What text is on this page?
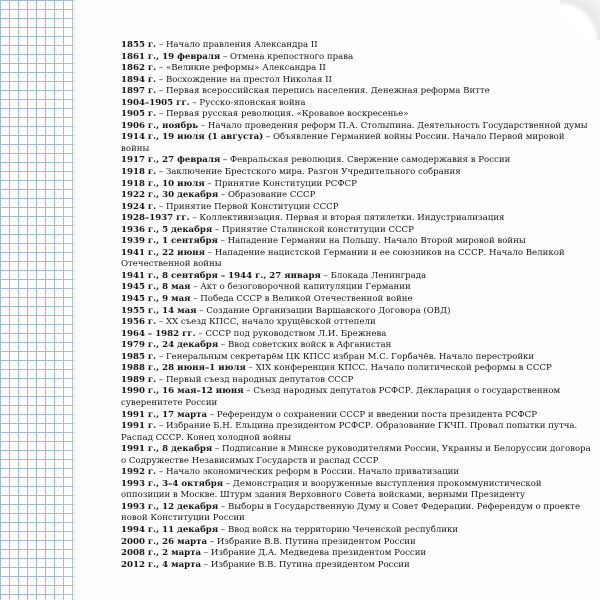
1855 г. – Начало правления Александра II
1861 г., 19 февраля – Отмена крепостного права
1862 г. – «Великие реформы» Александра II
1894 г. – Восхождение на престол Николая II
1897 г. – Первая всероссийская перепись населения. Денежная реформа Витте
1904–1905 гг. – Русско-японская война
1905 г. – Первая русская революция. «Кровавое воскресенье»
1906 г., ноябрь – Начало проведения реформ П.А. Столыпина. Деятельность Государственной думы
1914 г., 19 июля (1 августа) – Объявление Германией войны России. Начало Первой мировой войны
1917 г., 27 февраля – Февральская революция. Свержение самодержавия в России
1918 г. – Заключение Брестского мира. Разгон Учредительного собрания
1918 г., 10 июля – Принятие Конституции РСФСР
1922 г., 30 декабря – Образование СССР
1924 г. – Принятие Первой Конституции СССР
1928–1937 гг. – Коллективизация. Первая и вторая пятилетки. Индустриализация
1936 г., 5 декабря – Принятие Сталинской конституции СССР
1939 г., 1 сентября – Нападение Германии на Польшу. Начало Второй мировой войны
1941 г., 22 июня – Нападение нацистской Германии и ее союзников на СССР. Начало Великой Отечественной войны
1941 г., 8 сентября – 1944 г., 27 января – Блокада Ленинграда
1945 г., 8 мая – Акт о безоговорочной капитуляции Германии
1945 г., 9 мая – Победа СССР в Великой Отечественной войне
1955 г., 14 мая – Создание Организации Варшавского Договора (ОВД)
1956 г. – XX съезд КПСС, начало хрущёвской оттепели
1964 – 1982 гг. – СССР под руководством Л.И. Брежнева
1979 г., 24 декабря – Ввод советских войск в Афганистан
1985 г. – Генеральным секретарём ЦК КПСС избран М.С. Горбачёв. Начало перестройки
1988 г., 28 июня–1 июля – XIX конференция КПСС. Начало политической реформы в СССР
1989 г. – Первый съезд народных депутатов СССР
1990 г., 16 мая–12 июня – Съезд народных депутатов РСФСР. Декларация о государственном суверенитете России
1991 г., 17 марта – Референдум о сохранении СССР и введении поста президента РСФСР
1991 г. – Избрание Б.Н. Ельцина президентом РСФСР. Образование ГКЧП. Провал попытки путча. Распад СССР. Конец холодной войны
1991 г., 8 декабря – Подписание в Минске руководителями России, Украины и Белоруссии договора о Содружестве Независимых Государств и распад СССР
1992 г. – Начало экономических реформ в России. Начало приватизации
1993 г., 3–4 октября – Демонстрация и вооруженные выступления прокоммунистической оппозиции в Москве. Штурм здания Верховного Совета войсками, верными Президенту
1993 г., 12 декабря – Выборы в Государственную Думу и Совет Федерации. Референдум о проекте новой Конституции России
1994 г., 11 декабря – Ввод войск на территорию Чеченской республики
2000 г., 26 марта – Избрание В.В. Путина президентом России
2008 г., 2 марта – Избрание Д.А. Медведева президентом России
2012 г., 4 марта – Избрание В.В. Путина президентом России
